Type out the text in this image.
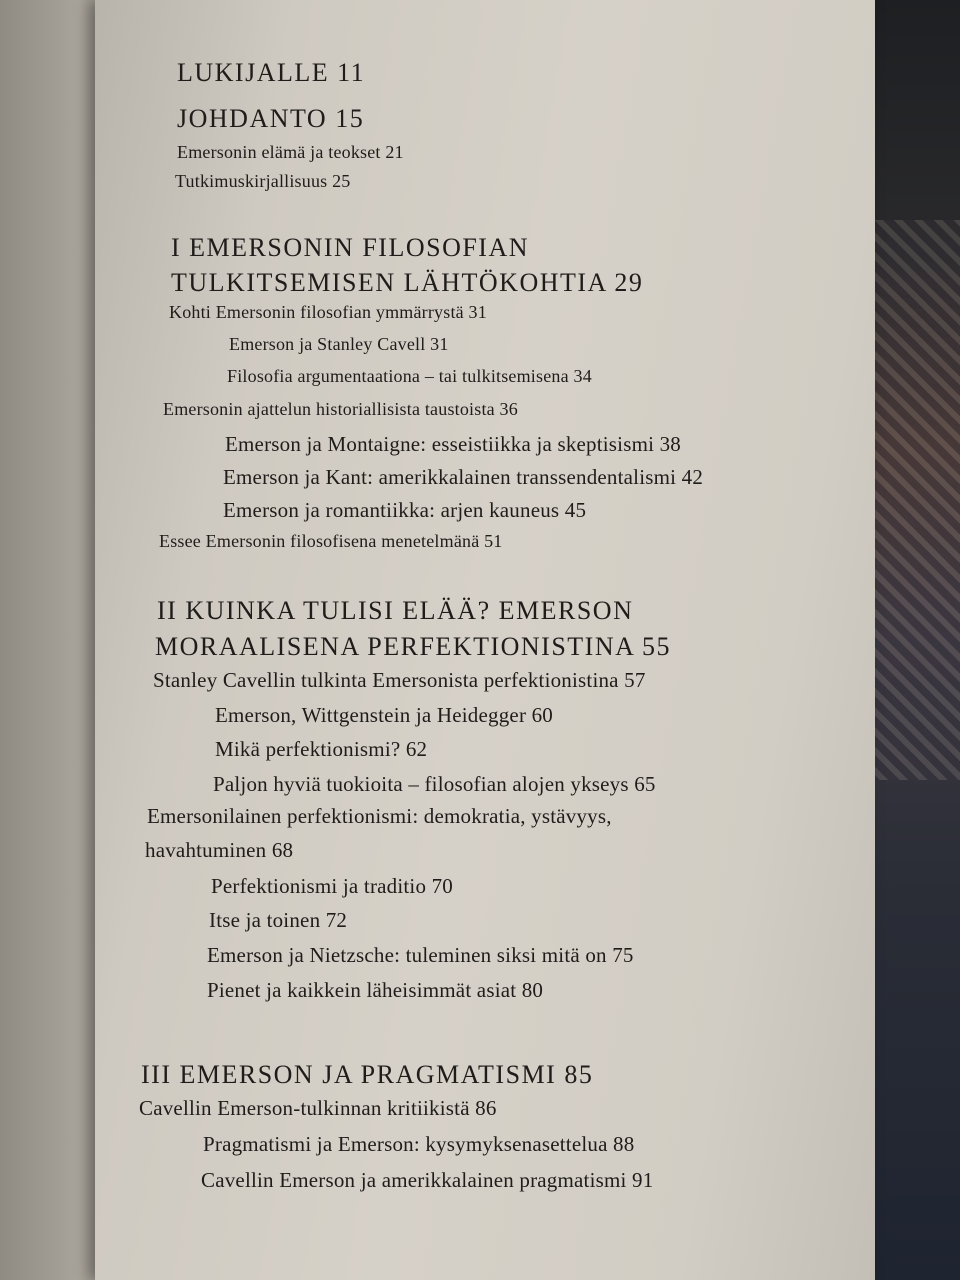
LUKIJALLE 11
JOHDANTO 15
Emersonin elämä ja teokset 21
Tutkimuskirjallisuus 25
I EMERSONIN FILOSOFIAN
TULKITSEMISEN LÄHTÖKOHTIA 29
Kohti Emersonin filosofian ymmärrystä 31
Emerson ja Stanley Cavell 31
Filosofia argumentaationa – tai tulkitsemisena 34
Emersonin ajattelun historiallisista taustoista 36
Emerson ja Montaigne: esseistiikka ja skeptisismi 38
Emerson ja Kant: amerikkalainen transsendentalismi 42
Emerson ja romantiikka: arjen kauneus 45
Essee Emersonin filosofisena menetelmänä 51
II KUINKA TULISI ELÄÄ? EMERSON
MORAALISENA PERFEKTIONISTINA 55
Stanley Cavellin tulkinta Emersonista perfektionistina 57
Emerson, Wittgenstein ja Heidegger 60
Mikä perfektionismi? 62
Paljon hyviä tuokioita – filosofian alojen ykseys 65
Emersonilainen perfektionismi: demokratia, ystävyys,
havahtuminen 68
Perfektionismi ja traditio 70
Itse ja toinen 72
Emerson ja Nietzsche: tuleminen siksi mitä on 75
Pienet ja kaikkein läheisimmät asiat 80
III EMERSON JA PRAGMATISMI 85
Cavellin Emerson-tulkinnan kritiikistä 86
Pragmatismi ja Emerson: kysymyksenasettelua 88
Cavellin Emerson ja amerikkalainen pragmatismi 91
